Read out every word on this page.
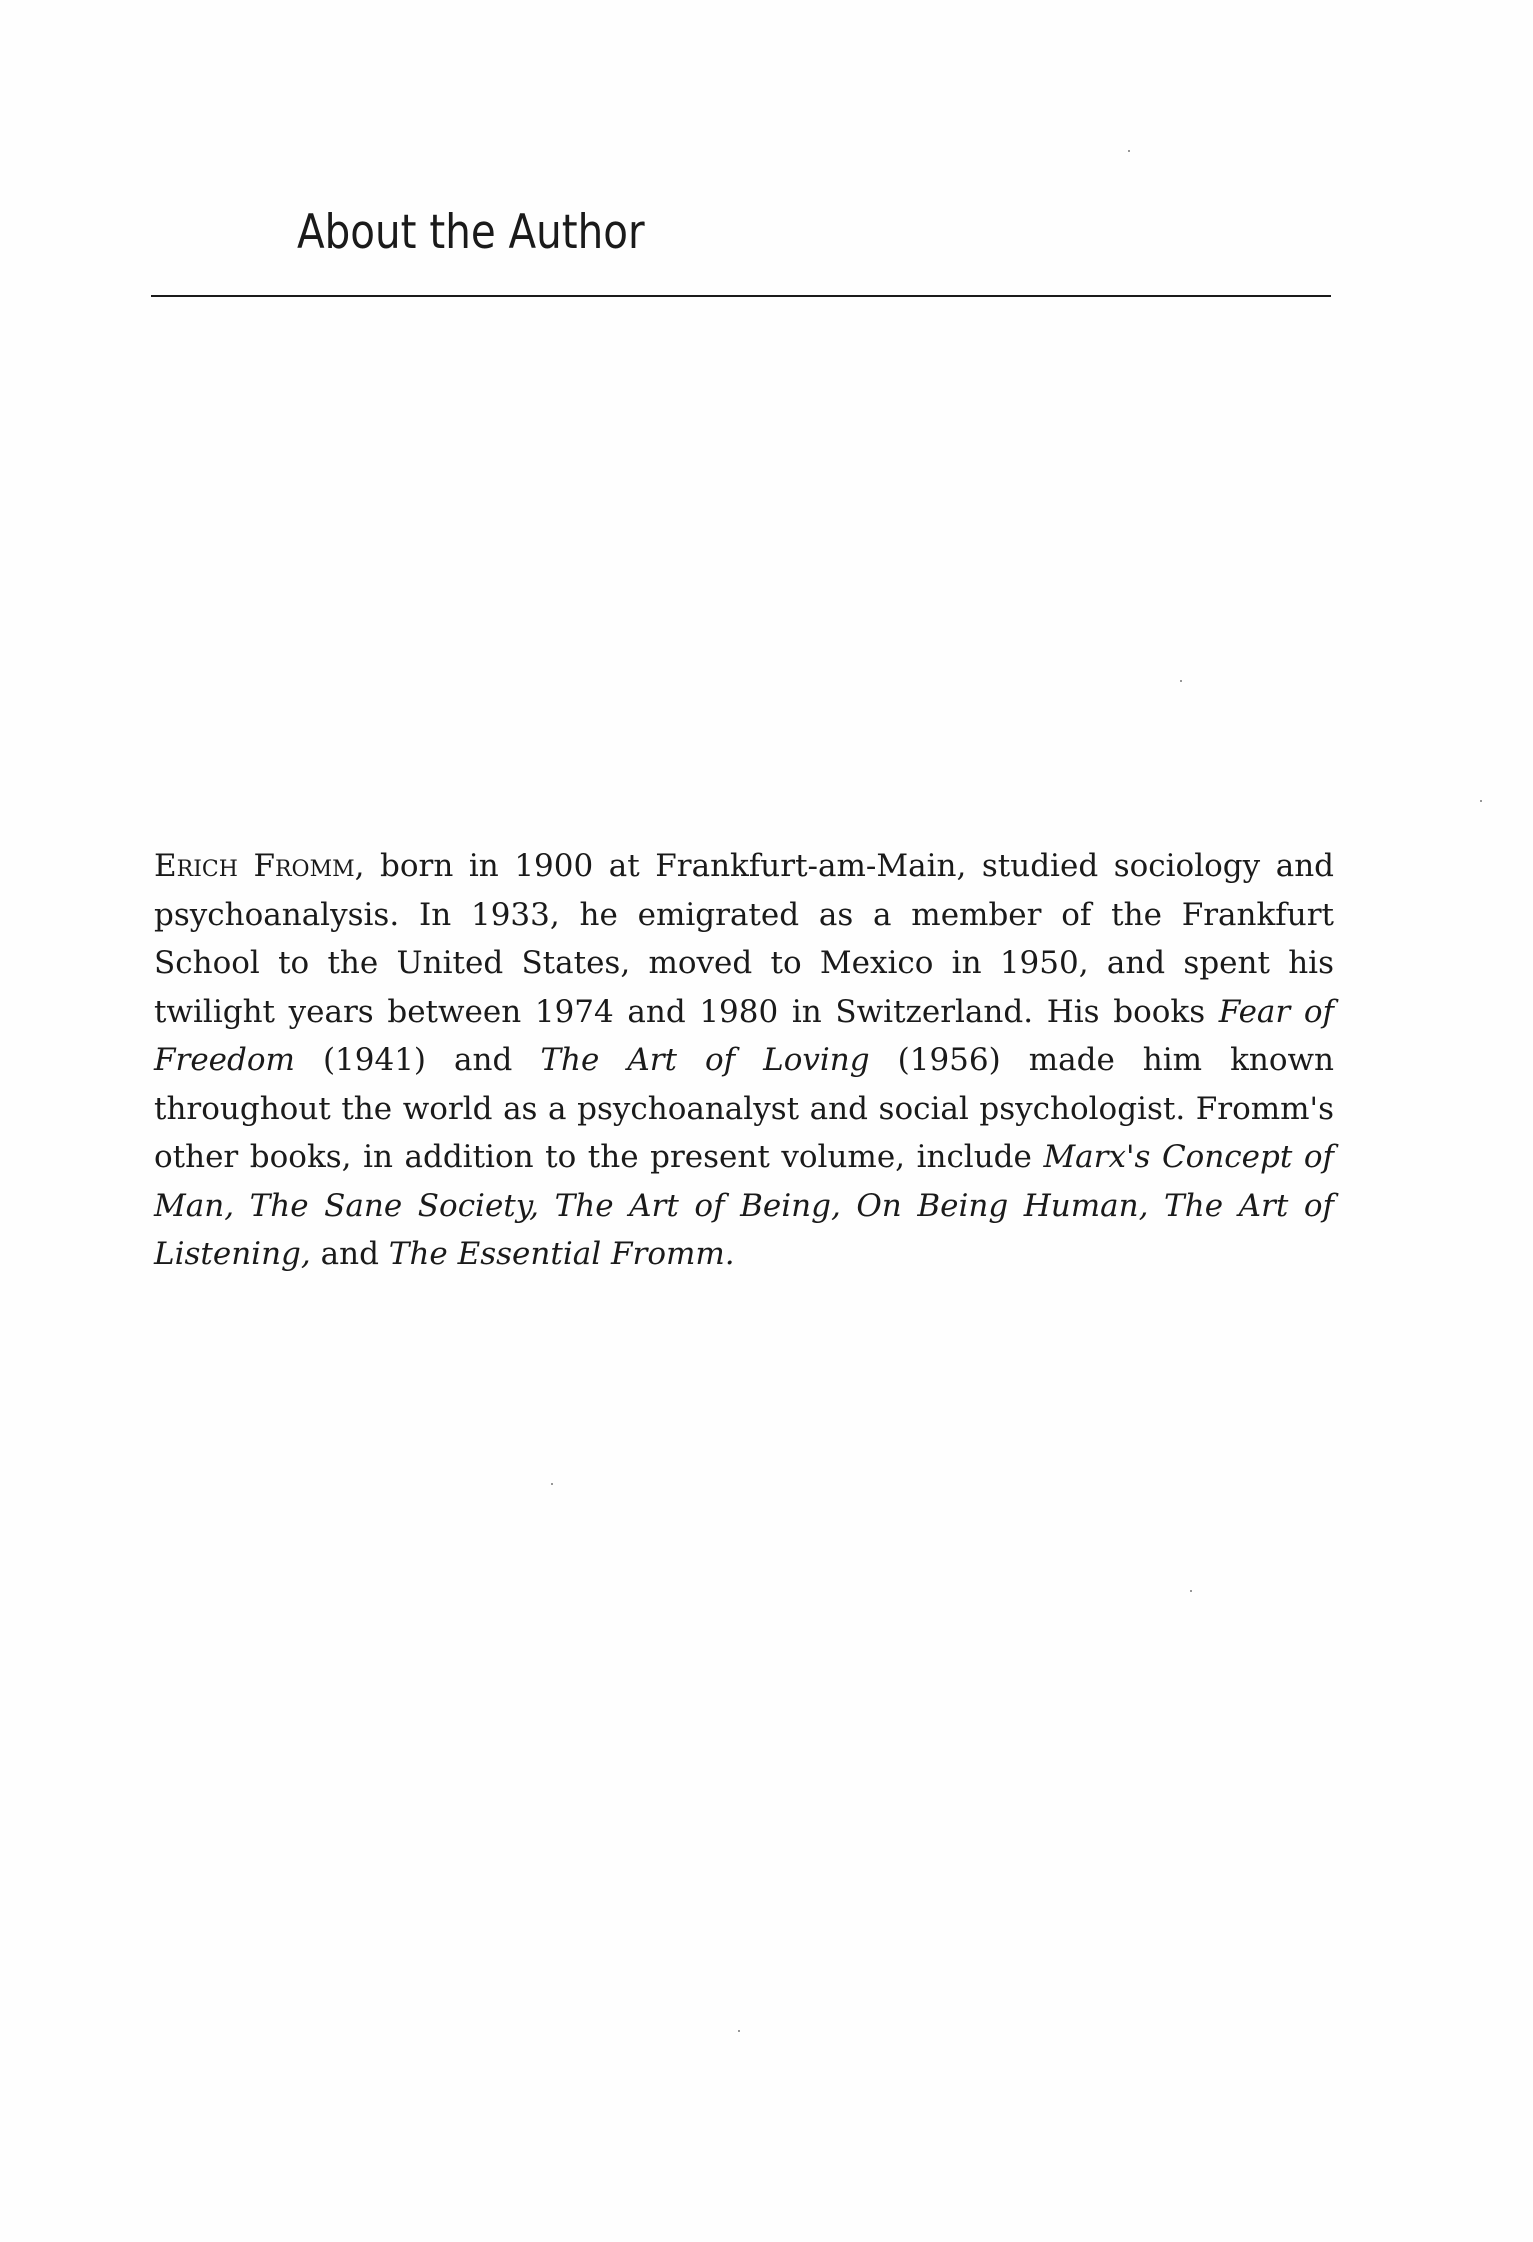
About the Author

Erich Fromm, born in 1900 at Frankfurt-am-Main, studied sociology and psychoanalysis. In 1933, he emigrated as a member of the Frankfurt School to the United States, moved to Mexico in 1950, and spent his twilight years between 1974 and 1980 in Switzerland. His books Fear of Freedom (1941) and The Art of Loving (1956) made him known throughout the world as a psychoanalyst and social psychologist. Fromm's other books, in addition to the present volume, include Marx's Concept of Man, The Sane Society, The Art of Being, On Being Human, The Art of Listening, and The Essential Fromm.
